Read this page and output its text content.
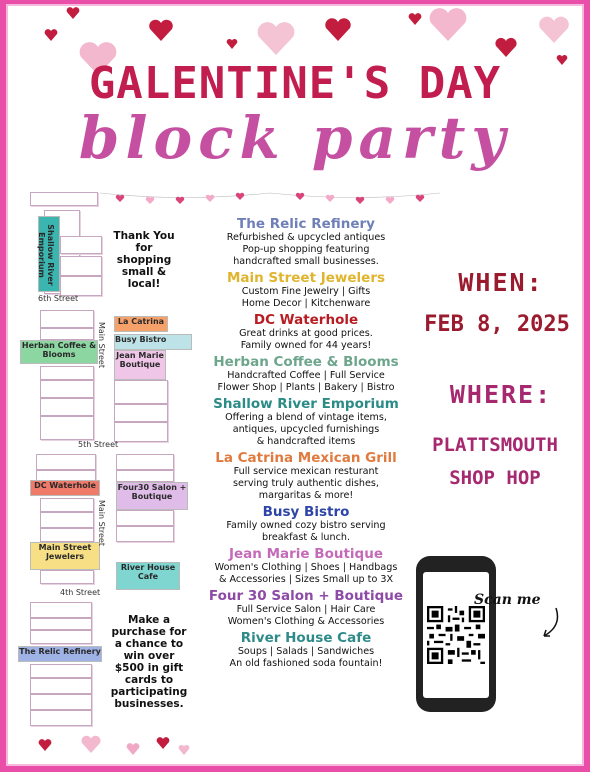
GALENTINE'S DAY
block party
Shallow River Emporium	Thank You for shopping small & local!
6th Street
Herban Coffee & Blooms	Main Street
La Catrina
Busy Bistro
Jean Marie Boutique
5th Street
DC Waterhole
Main Street Jewelers
Main Street
Four30 Salon + Boutique
River House Cafe
4th Street
The Relic Refinery
Make a purchase for a chance to win over $500 in gift cards to participating businesses.
The Relic Refinery
Refurbished & upcycled antiques
Pop-up shopping featuring
handcrafted small businesses.
Main Street Jewelers
Custom Fine Jewelry | Gifts
Home Decor | Kitchenware
DC Waterhole
Great drinks at good prices.
Family owned for 44 years!
Herban Coffee & Blooms
Handcrafted Coffee | Full Service
Flower Shop | Plants | Bakery | Bistro
Shallow River Emporium
Offering a blend of vintage items,
antiques, upcycled furnishings
& handcrafted items
La Catrina Mexican Grill
Full service mexican resturant
serving truly authentic dishes,
margaritas & more!
Busy Bistro
Family owned cozy bistro serving
breakfast & lunch.
Jean Marie Boutique
Women's Clothing | Shoes | Handbags
& Accessories | Sizes Small up to 3X
Four 30 Salon + Boutique
Full Service Salon | Hair Care
Women's Clothing & Accessories
River House Cafe
Soups | Salads | Sandwiches
An old fashioned soda fountain!
WHEN:
FEB 8, 2025
WHERE:
PLATTSMOUTH
SHOP HOP
Scan me
